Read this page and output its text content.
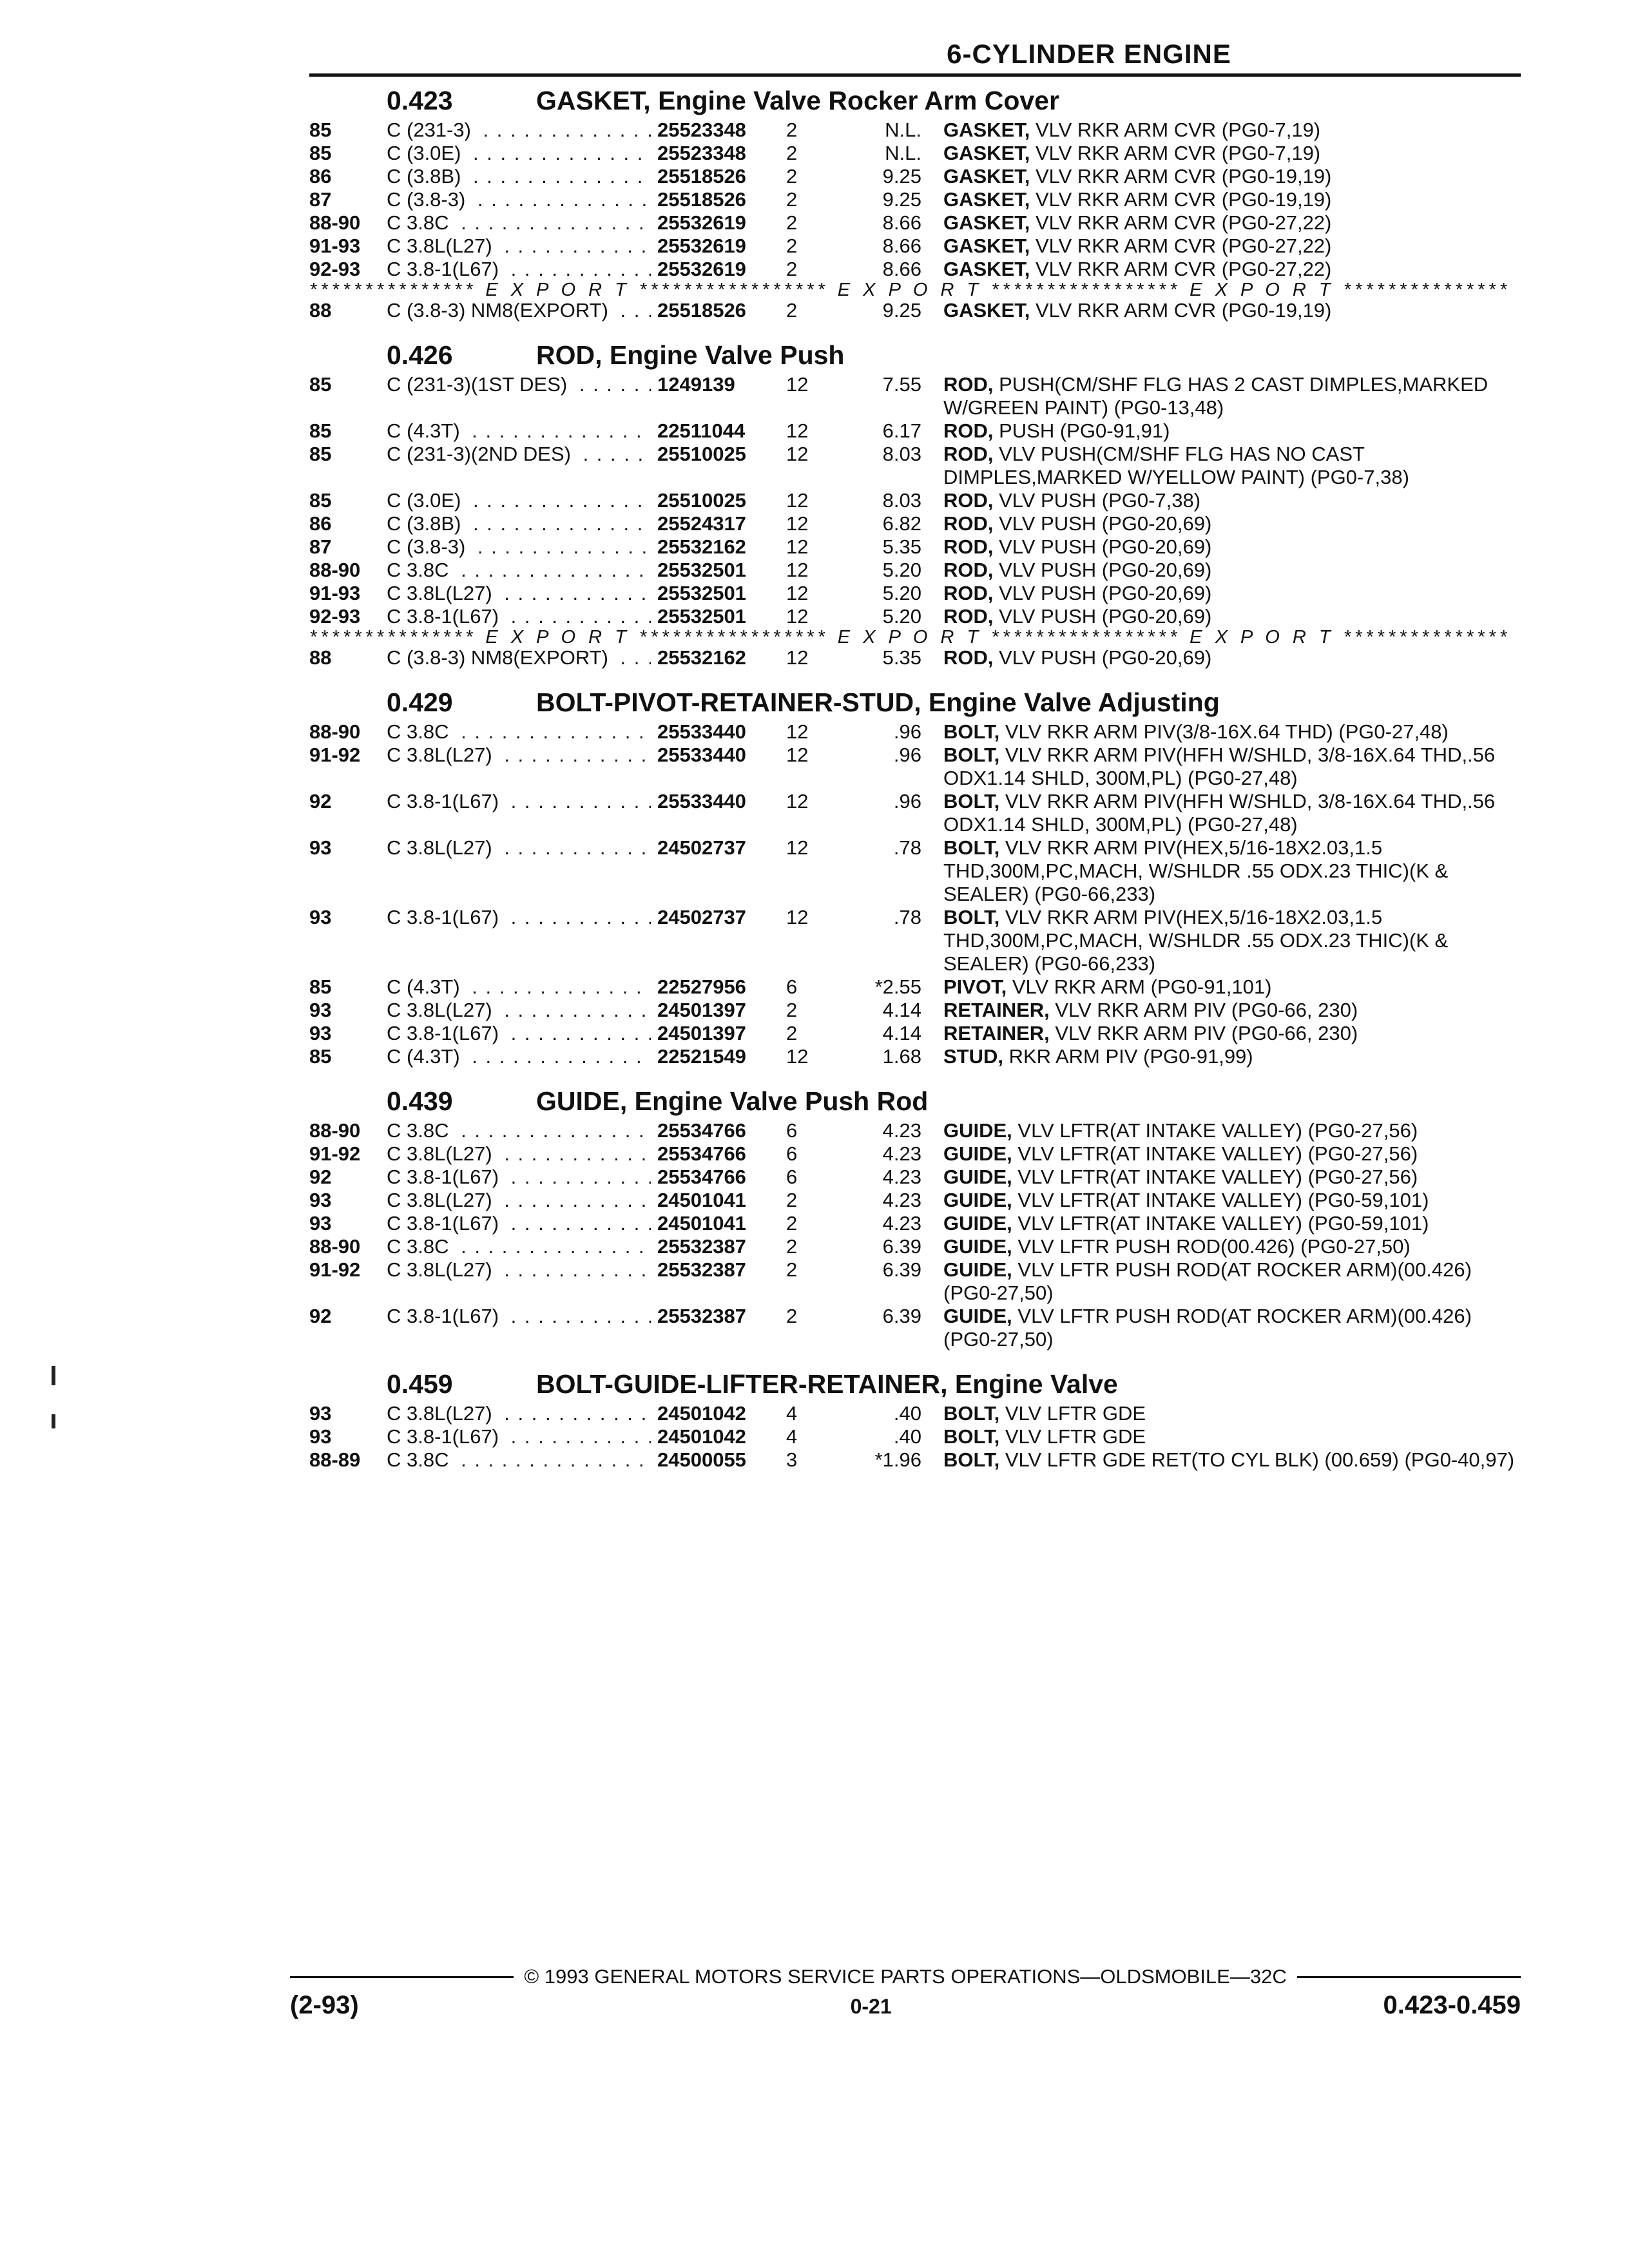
6-CYLINDER ENGINE
0.423	GASKET, Engine Valve Rocker Arm Cover
85	C (231-3) . . .	25523348	2	N.L.	GASKET, VLV RKR ARM CVR (PG0-7,19)
85	C (3.0E) . . .	25523348	2	N.L.	GASKET, VLV RKR ARM CVR (PG0-7,19)
86	C (3.8B) . . .	25518526	2	9.25	GASKET, VLV RKR ARM CVR (PG0-19,19)
87	C (3.8-3) . . .	25518526	2	9.25	GASKET, VLV RKR ARM CVR (PG0-19,19)
88-90	C 3.8C . . .	25532619	2	8.66	GASKET, VLV RKR ARM CVR (PG0-27,22)
91-93	C 3.8L(L27) . . .	25532619	2	8.66	GASKET, VLV RKR ARM CVR (PG0-27,22)
92-93	C 3.8-1(L67) . . .	25532619	2	8.66	GASKET, VLV RKR ARM CVR (PG0-27,22)
*************** E X P O R T ***************** E X P O R T ***************** E X P O R T ***************
88	C (3.8-3) NM8(EXPORT) . . .	25518526	2	9.25	GASKET, VLV RKR ARM CVR (PG0-19,19)
0.426	ROD, Engine Valve Push
85	C (231-3)(1ST DES) . . .	1249139	12	7.55	ROD, PUSH(CM/SHF FLG HAS 2 CAST DIMPLES,MARKED W/GREEN PAINT) (PG0-13,48)
85	C (4.3T) . . .	22511044	12	6.17	ROD, PUSH (PG0-91,91)
85	C (231-3)(2ND DES) . . .	25510025	12	8.03	ROD, VLV PUSH(CM/SHF FLG HAS NO CAST DIMPLES,MARKED W/YELLOW PAINT) (PG0-7,38)
85	C (3.0E) . . .	25510025	12	8.03	ROD, VLV PUSH (PG0-7,38)
86	C (3.8B) . . .	25524317	12	6.82	ROD, VLV PUSH (PG0-20,69)
87	C (3.8-3) . . .	25532162	12	5.35	ROD, VLV PUSH (PG0-20,69)
88-90	C 3.8C . . .	25532501	12	5.20	ROD, VLV PUSH (PG0-20,69)
91-93	C 3.8L(L27) . . .	25532501	12	5.20	ROD, VLV PUSH (PG0-20,69)
92-93	C 3.8-1(L67) . . .	25532501	12	5.20	ROD, VLV PUSH (PG0-20,69)
*************** E X P O R T ***************** E X P O R T ***************** E X P O R T ***************
88	C (3.8-3) NM8(EXPORT) . . .	25532162	12	5.35	ROD, VLV PUSH (PG0-20,69)
0.429	BOLT-PIVOT-RETAINER-STUD, Engine Valve Adjusting
88-90	C 3.8C . . .	25533440	12	.96	BOLT, VLV RKR ARM PIV(3/8-16X.64 THD) (PG0-27,48)
91-92	C 3.8L(L27) . . .	25533440	12	.96	BOLT, VLV RKR ARM PIV(HFH W/SHLD, 3/8-16X.64 THD,.56 ODX1.14 SHLD, 300M,PL) (PG0-27,48)
92	C 3.8-1(L67) . . .	25533440	12	.96	BOLT, VLV RKR ARM PIV(HFH W/SHLD, 3/8-16X.64 THD,.56 ODX1.14 SHLD, 300M,PL) (PG0-27,48)
93	C 3.8L(L27) . . .	24502737	12	.78	BOLT, VLV RKR ARM PIV(HEX,5/16-18X2.03,1.5 THD,300M,PC,MACH, W/SHLDR .55 ODX.23 THIC)(K & SEALER) (PG0-66,233)
93	C 3.8-1(L67) . . .	24502737	12	.78	BOLT, VLV RKR ARM PIV(HEX,5/16-18X2.03,1.5 THD,300M,PC,MACH, W/SHLDR .55 ODX.23 THIC)(K & SEALER) (PG0-66,233)
85	C (4.3T) . . .	22527956	6	*2.55	PIVOT, VLV RKR ARM (PG0-91,101)
93	C 3.8L(L27) . . .	24501397	2	4.14	RETAINER, VLV RKR ARM PIV (PG0-66, 230)
93	C 3.8-1(L67) . . .	24501397	2	4.14	RETAINER, VLV RKR ARM PIV (PG0-66, 230)
85	C (4.3T) . . .	22521549	12	1.68	STUD, RKR ARM PIV (PG0-91,99)
0.439	GUIDE, Engine Valve Push Rod
88-90	C 3.8C . . .	25534766	6	4.23	GUIDE, VLV LFTR(AT INTAKE VALLEY) (PG0-27,56)
91-92	C 3.8L(L27) . . .	25534766	6	4.23	GUIDE, VLV LFTR(AT INTAKE VALLEY) (PG0-27,56)
92	C 3.8-1(L67) . . .	25534766	6	4.23	GUIDE, VLV LFTR(AT INTAKE VALLEY) (PG0-27,56)
93	C 3.8L(L27) . . .	24501041	2	4.23	GUIDE, VLV LFTR(AT INTAKE VALLEY) (PG0-59,101)
93	C 3.8-1(L67) . . .	24501041	2	4.23	GUIDE, VLV LFTR(AT INTAKE VALLEY) (PG0-59,101)
88-90	C 3.8C . . .	25532387	2	6.39	GUIDE, VLV LFTR PUSH ROD(00.426) (PG0-27,50)
91-92	C 3.8L(L27) . . .	25532387	2	6.39	GUIDE, VLV LFTR PUSH ROD(AT ROCKER ARM)(00.426) (PG0-27,50)
92	C 3.8-1(L67) . . .	25532387	2	6.39	GUIDE, VLV LFTR PUSH ROD(AT ROCKER ARM)(00.426) (PG0-27,50)
0.459	BOLT-GUIDE-LIFTER-RETAINER, Engine Valve
93	C 3.8L(L27) . . .	24501042	4	.40	BOLT, VLV LFTR GDE
93	C 3.8-1(L67) . . .	24501042	4	.40	BOLT, VLV LFTR GDE
88-89	C 3.8C . . .	24500055	3	*1.96	BOLT, VLV LFTR GDE RET(TO CYL BLK) (00.659) (PG0-40,97)
© 1993 GENERAL MOTORS SERVICE PARTS OPERATIONS—OLDSMOBILE—32C
(2-93)	0-21	0.423-0.459
